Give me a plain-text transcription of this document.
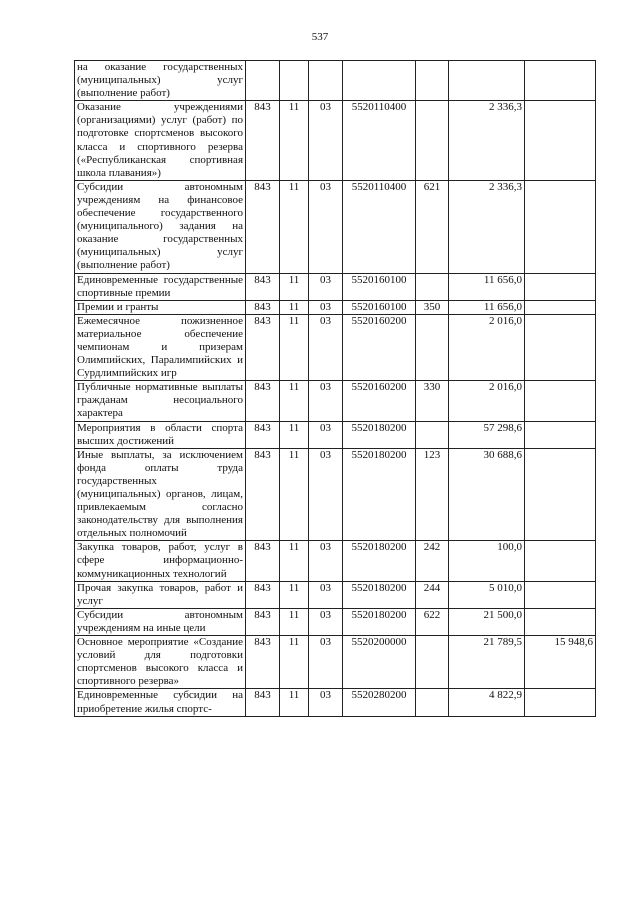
537
на оказание государственных (муниципальных) услуг (выполнение работ)							
Оказание учреждениями (организациями) услуг (работ) по подготовке спортсменов высокого класса и спортивного резерва («Республиканская спортивная школа плавания»)	843	11	03	5520110400		2 336,3	
Субсидии автономным учреждениям на финансовое обеспечение государственного (муниципального) задания на оказание государственных (муниципальных) услуг (выполнение работ)	843	11	03	5520110400	621	2 336,3	
Единовременные государственные спортивные премии	843	11	03	5520160100		11 656,0	
Премии и гранты	843	11	03	5520160100	350	11 656,0	
Ежемесячное пожизненное материальное обеспечение чемпионам и призерам Олимпийских, Паралимпийских и Сурдлимпийских игр	843	11	03	5520160200		2 016,0	
Публичные нормативные выплаты гражданам несоциального характера	843	11	03	5520160200	330	2 016,0	
Мероприятия в области спорта высших достижений	843	11	03	5520180200		57 298,6	
Иные выплаты, за исключением фонда оплаты труда государственных (муниципальных) органов, лицам, привлекаемым согласно законодательству для выполнения отдельных полномочий	843	11	03	5520180200	123	30 688,6	
Закупка товаров, работ, услуг в сфере информационно-коммуникационных технологий	843	11	03	5520180200	242	100,0	
Прочая закупка товаров, работ и услуг	843	11	03	5520180200	244	5 010,0	
Субсидии автономным учреждениям на иные цели	843	11	03	5520180200	622	21 500,0	
Основное мероприятие «Создание условий для подготовки спортсменов высокого класса и спортивного резерва»	843	11	03	5520200000		21 789,5	15 948,6
Единовременные субсидии на приобретение жилья спортс-	843	11	03	5520280200		4 822,9	
